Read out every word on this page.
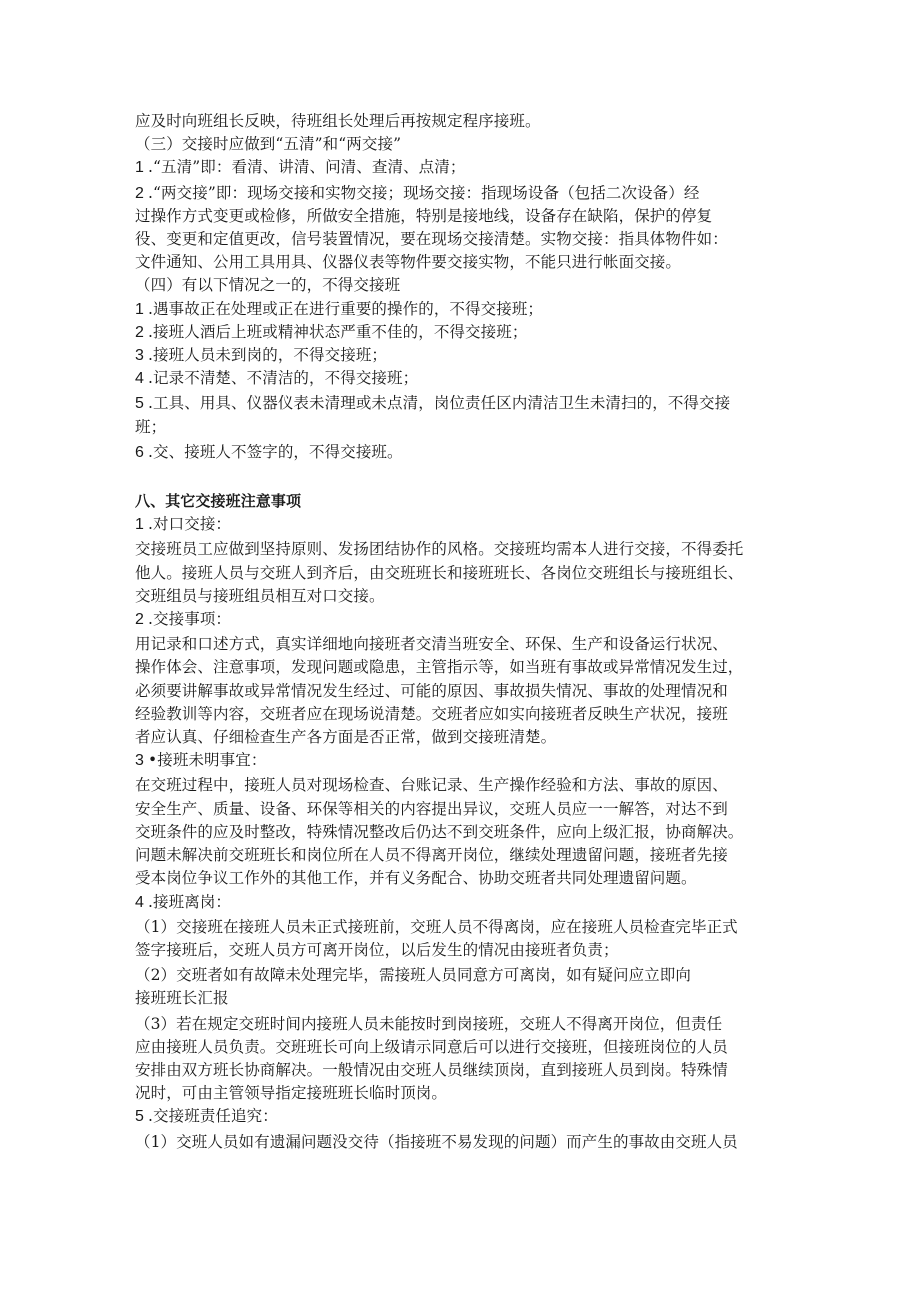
应及时向班组长反映，待班组长处理后再按规定程序接班。
（三）交接时应做到“五清”和“两交接”
1 .“五清”即：看清、讲清、问清、查清、点清；
2 .“两交接”即：现场交接和实物交接；现场交接：指现场设备（包括二次设备）经
过操作方式变更或检修，所做安全措施，特别是接地线，设备存在缺陷，保护的停复
役、变更和定值更改，信号装置情况，要在现场交接清楚。实物交接：指具体物件如：
文件通知、公用工具用具、仪器仪表等物件要交接实物，不能只进行帐面交接。
（四）有以下情况之一的，不得交接班
1 .遇事故正在处理或正在进行重要的操作的，不得交接班；
2 .接班人酒后上班或精神状态严重不佳的，不得交接班；
3 .接班人员未到岗的，不得交接班；
4 .记录不清楚、不清洁的，不得交接班；
5 .工具、用具、仪器仪表未清理或未点清，岗位责任区内清洁卫生未清扫的，不得交接
班；
6 .交、接班人不签字的，不得交接班。
八、其它交接班注意事项
1 .对口交接：
交接班员工应做到坚持原则、发扬团结协作的风格。交接班均需本人进行交接，不得委托
他人。接班人员与交班人到齐后，由交班班长和接班班长、各岗位交班组长与接班组长、
交班组员与接班组员相互对口交接。
2 .交接事项：
用记录和口述方式，真实详细地向接班者交清当班安全、环保、生产和设备运行状况、
操作体会、注意事项，发现问题或隐患，主管指示等，如当班有事故或异常情况发生过，
必须要讲解事故或异常情况发生经过、可能的原因、事故损失情况、事故的处理情况和
经验教训等内容，交班者应在现场说清楚。交班者应如实向接班者反映生产状况，接班
者应认真、仔细检查生产各方面是否正常，做到交接班清楚。
3 •接班未明事宜：
在交班过程中，接班人员对现场检查、台账记录、生产操作经验和方法、事故的原因、
安全生产、质量、设备、环保等相关的内容提出异议，交班人员应一一解答，对达不到
交班条件的应及时整改，特殊情况整改后仍达不到交班条件，应向上级汇报，协商解决。
问题未解决前交班班长和岗位所在人员不得离开岗位，继续处理遗留问题，接班者先接
受本岗位争议工作外的其他工作，并有义务配合、协助交班者共同处理遗留问题。
4 .接班离岗：
（1）交接班在接班人员未正式接班前，交班人员不得离岗，应在接班人员检查完毕正式
签字接班后，交班人员方可离开岗位，以后发生的情况由接班者负责；
（2）交班者如有故障未处理完毕，需接班人员同意方可离岗，如有疑问应立即向
接班班长汇报
（3）若在规定交班时间内接班人员未能按时到岗接班，交班人不得离开岗位，但责任
应由接班人员负责。交班班长可向上级请示同意后可以进行交接班，但接班岗位的人员
安排由双方班长协商解决。一般情况由交班人员继续顶岗，直到接班人员到岗。特殊情
况时，可由主管领导指定接班班长临时顶岗。
5 .交接班责任追究：
（1）交班人员如有遗漏问题没交待（指接班不易发现的问题）而产生的事故由交班人员
